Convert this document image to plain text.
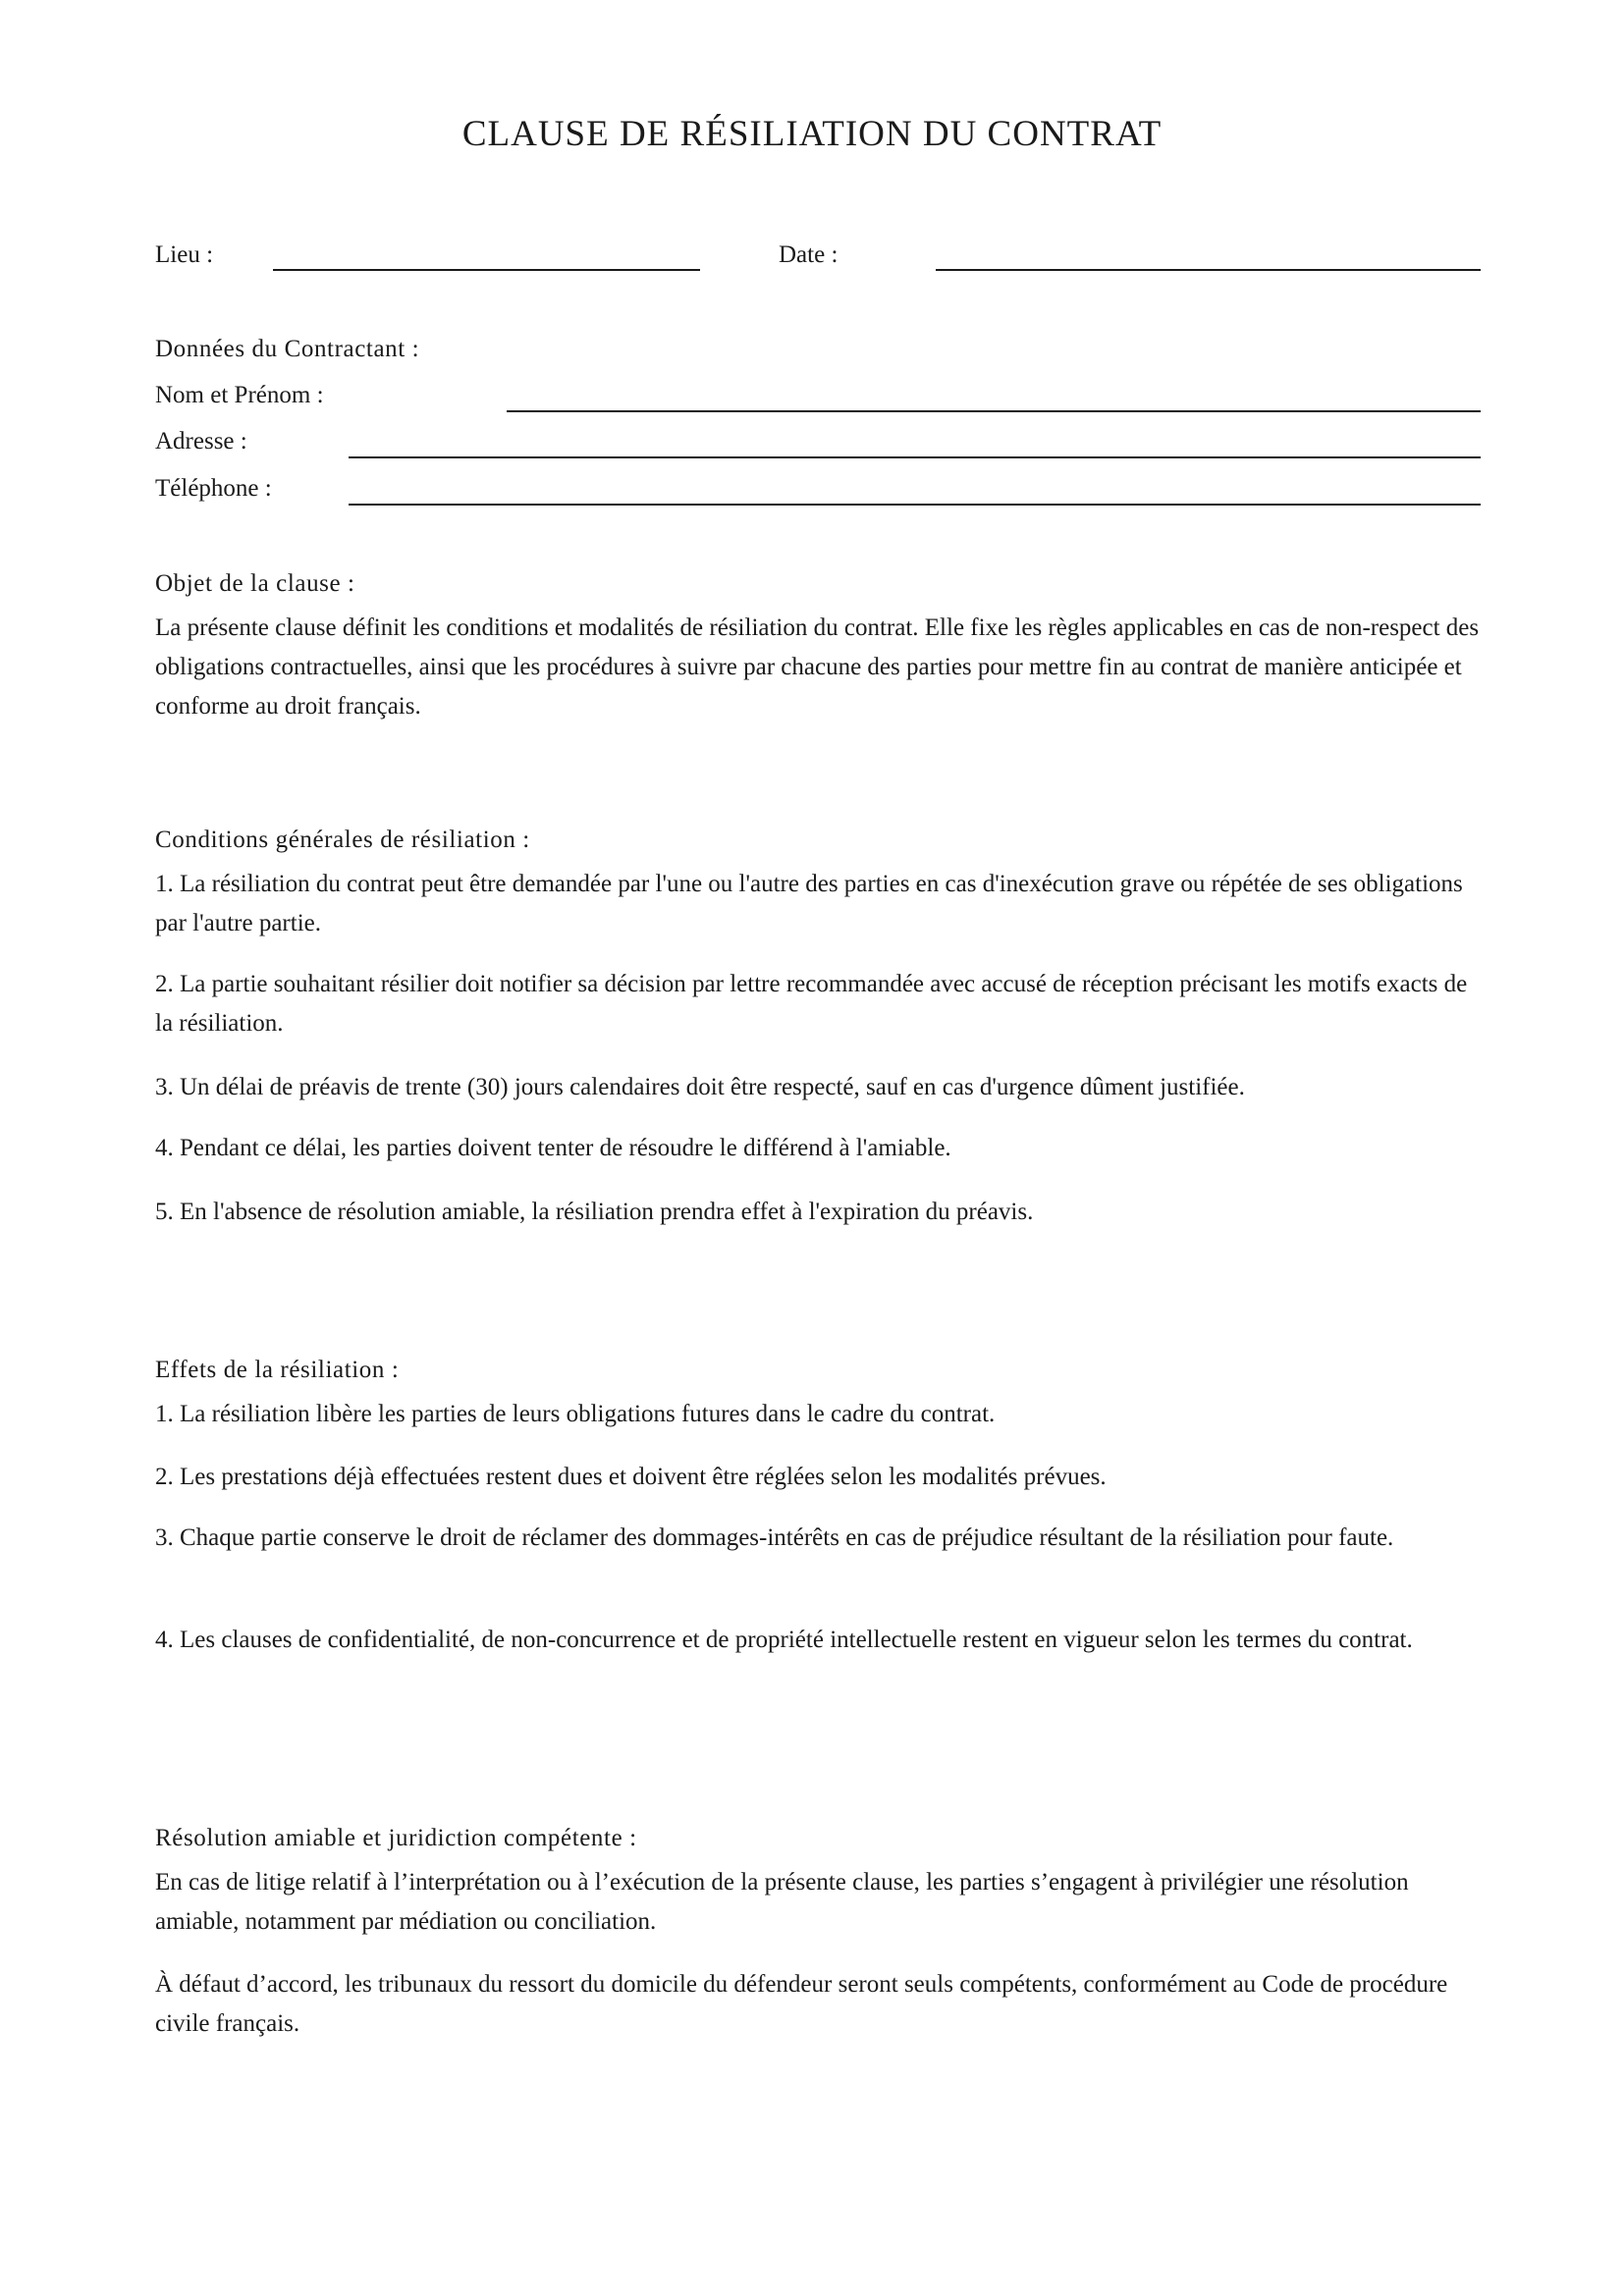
CLAUSE DE RÉSILIATION DU CONTRAT
Lieu :	Date :
Données du Contractant :
Nom et Prénom :
Adresse :
Téléphone :
Objet de la clause :

La présente clause définit les conditions et modalités de résiliation du contrat. Elle fixe les règles applicables en cas de non-respect des obligations contractuelles, ainsi que les procédures à suivre par chacune des parties pour mettre fin au contrat de manière anticipée et conforme au droit français.

Conditions générales de résiliation :

1. La résiliation du contrat peut être demandée par l'une ou l'autre des parties en cas d'inexécution grave ou répétée de ses obligations par l'autre partie.

2. La partie souhaitant résilier doit notifier sa décision par lettre recommandée avec accusé de réception précisant les motifs exacts de la résiliation.

3. Un délai de préavis de trente (30) jours calendaires doit être respecté, sauf en cas d'urgence dûment justifiée.

4. Pendant ce délai, les parties doivent tenter de résoudre le différend à l'amiable.

5. En l'absence de résolution amiable, la résiliation prendra effet à l'expiration du préavis.

Effets de la résiliation :

1. La résiliation libère les parties de leurs obligations futures dans le cadre du contrat.

2. Les prestations déjà effectuées restent dues et doivent être réglées selon les modalités prévues.

3. Chaque partie conserve le droit de réclamer des dommages-intérêts en cas de préjudice résultant de la résiliation pour faute.

4. Les clauses de confidentialité, de non-concurrence et de propriété intellectuelle restent en vigueur selon les termes du contrat.

Résolution amiable et juridiction compétente :

En cas de litige relatif à l’interprétation ou à l’exécution de la présente clause, les parties s’engagent à privilégier une résolution amiable, notamment par médiation ou conciliation.

À défaut d’accord, les tribunaux du ressort du domicile du défendeur seront seuls compétents, conformément au Code de procédure civile français.
